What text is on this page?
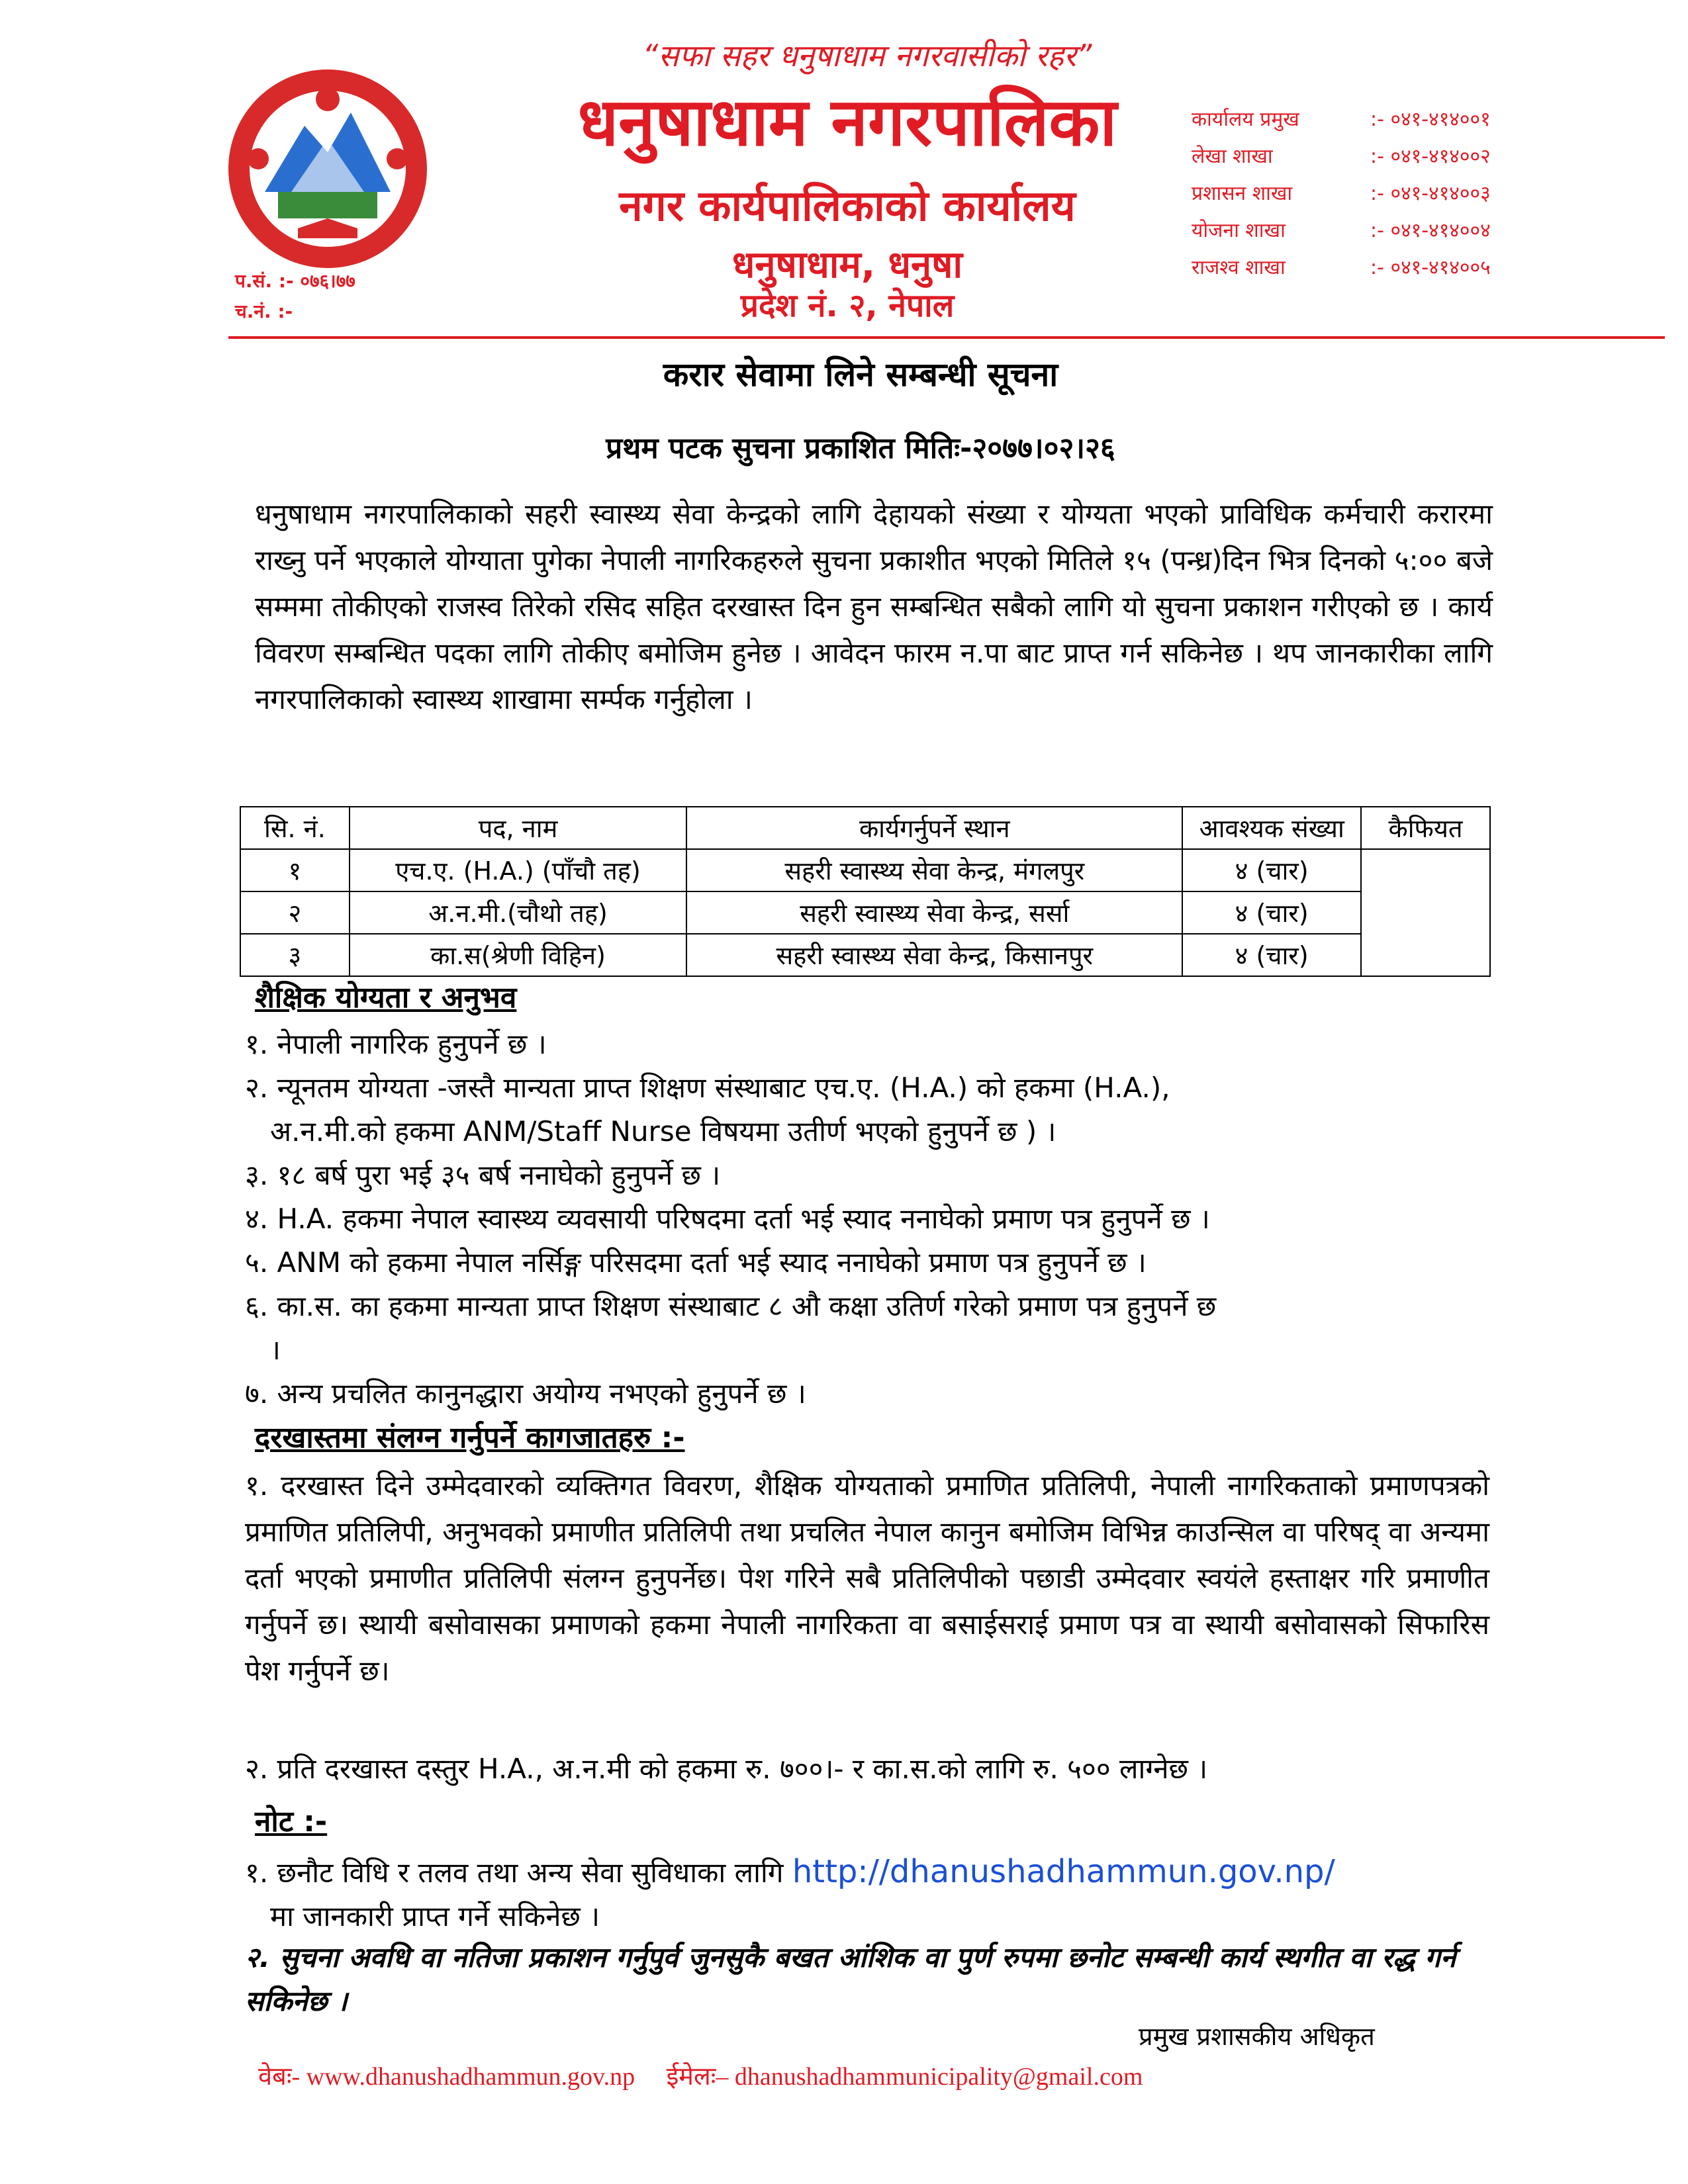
“सफा सहर धनुषाधाम नगरवासीको रहर”
धनुषाधाम नगरपालिका
नगर कार्यपालिकाको कार्यालय
धनुषाधाम, धनुषा
प्रदेश नं. २, नेपाल
प.सं. :- ०७६।७७
च.नं. :-
कार्यालय प्रमुख	:- ०४१-४१४००१
लेखा शाखा	:- ०४१-४१४००२
प्रशासन शाखा	:- ०४१-४१४००३
योजना शाखा	:- ०४१-४१४००४
राजश्व शाखा	:- ०४१-४१४००५
करार सेवामा लिने सम्बन्धी सूचना
प्रथम पटक सुचना प्रकाशित मितिः-२०७७।०२।२६
धनुषाधाम नगरपालिकाको सहरी स्वास्थ्य सेवा केन्द्रको लागि देहायको संख्या र योग्यता भएको प्राविधिक कर्मचारी करारमा राख्नु पर्ने भएकाले योग्याता पुगेका नेपाली नागरिकहरुले सुचना प्रकाशीत भएको मितिले १५ (पन्ध्र)दिन भित्र दिनको ५:०० बजे सम्ममा तोकीएको राजस्व तिरेको रसिद सहित दरखास्त दिन हुन सम्बन्धित सबैको लागि यो सुचना प्रकाशन गरीएको छ । कार्य विवरण सम्बन्धित पदका लागि तोकीए बमोजिम हुनेछ । आवेदन फारम न.पा बाट प्राप्त गर्न सकिनेछ । थप जानकारीका लागि नगरपालिकाको स्वास्थ्य शाखामा सर्म्पक गर्नुहोला ।
सि. नं.	पद, नाम	कार्यगर्नुपर्ने स्थान	आवश्यक संख्या	कैफियत
१	एच.ए. (H.A.) (पाँचौ तह)	सहरी स्वास्थ्य सेवा केन्द्र, मंगलपुर	४ (चार)	
२	अ.न.मी.(चौथो तह)	सहरी स्वास्थ्य सेवा केन्द्र, सर्सा	४ (चार)	
३	का.स(श्रेणी विहिन)	सहरी स्वास्थ्य सेवा केन्द्र, किसानपुर	४ (चार)	
शैक्षिक योग्यता र अनुभव
१. नेपाली नागरिक हुनुपर्ने छ ।
२. न्यूनतम योग्यता -जस्तै मान्यता प्राप्त शिक्षण संस्थाबाट एच.ए. (H.A.) को हकमा (H.A.),
अ.न.मी.को हकमा ANM/Staff Nurse विषयमा उतीर्ण भएको हुनुपर्ने छ ) ।
३. १८ बर्ष पुरा भई ३५ बर्ष ननाघेको हुनुपर्ने छ ।
४. H.A. हकमा नेपाल स्वास्थ्य व्यवसायी परिषदमा दर्ता भई स्याद ननाघेको प्रमाण पत्र हुनुपर्ने छ ।
५. ANM को हकमा नेपाल नर्सिङ्ग परिसदमा दर्ता भई स्याद ननाघेको प्रमाण पत्र हुनुपर्ने छ ।
६. का.स. का हकमा मान्यता प्राप्त शिक्षण संस्थाबाट ८ औ कक्षा उतिर्ण गरेको प्रमाण पत्र हुनुपर्ने छ
।
७. अन्य प्रचलित कानुनद्धारा अयोग्य नभएको हुनुपर्ने छ ।
दरखास्तमा संलग्न गर्नुपर्ने कागजातहरु :-
१. दरखास्त दिने उम्मेदवारको व्यक्तिगत विवरण, शैक्षिक योग्यताको प्रमाणित प्रतिलिपी, नेपाली नागरिकताको प्रमाणपत्रको प्रमाणित प्रतिलिपी, अनुभवको प्रमाणीत प्रतिलिपी तथा प्रचलित नेपाल कानुन बमोजिम विभिन्न काउन्सिल वा परिषद् वा अन्यमा दर्ता भएको प्रमाणीत प्रतिलिपी संलग्न हुनुपर्नेछ। पेश गरिने सबै प्रतिलिपीको पछाडी उम्मेदवार स्वयंले हस्ताक्षर गरि प्रमाणीत गर्नुपर्ने छ। स्थायी बसोवासका प्रमाणको हकमा नेपाली नागरिकता वा बसाईसराई प्रमाण पत्र वा स्थायी बसोवासको सिफारिस पेश गर्नुपर्ने छ।
२. प्रति दरखास्त दस्तुर H.A., अ.न.मी को हकमा रु. ७००।- र का.स.को लागि रु. ५०० लाग्नेछ ।
नोट :-
१. छनौट विधि र तलव तथा अन्य सेवा सुविधाका लागि http://dhanushadhammun.gov.np/
मा जानकारी प्राप्त गर्ने सकिनेछ ।
२. सुचना अवधि वा नतिजा प्रकाशन गर्नुपुर्व जुनसुकै बखत आंशिक वा पुर्ण रुपमा छनोट सम्बन्धी कार्य स्थगीत वा रद्ध गर्न सकिनेछ ।
प्रमुख प्रशासकीय अधिकृत
वेबः- www.dhanushadhammun.gov.np ईमेलः– dhanushadhammunicipality@gmail.com
